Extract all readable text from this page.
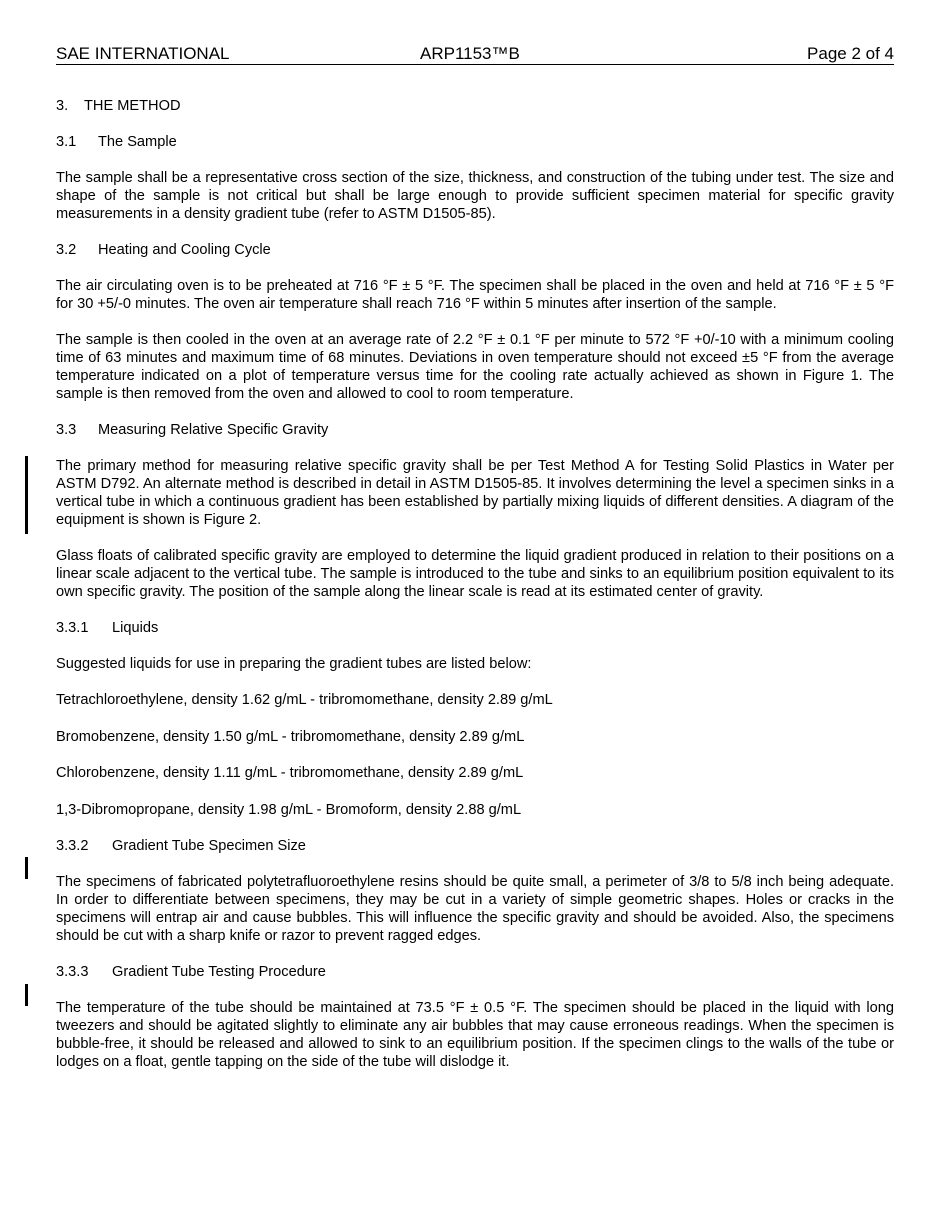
SAE INTERNATIONAL	ARP1153™B	Page 2 of 4
3. THE METHOD
3.1 The Sample

The sample shall be a representative cross section of the size, thickness, and construction of the tubing under test. The size and shape of the sample is not critical but shall be large enough to provide sufficient specimen material for specific gravity measurements in a density gradient tube (refer to ASTM D1505-85).

3.2 Heating and Cooling Cycle

The air circulating oven is to be preheated at 716 °F ± 5 °F. The specimen shall be placed in the oven and held at 716 °F ± 5 °F for 30 +5/-0 minutes. The oven air temperature shall reach 716 °F within 5 minutes after insertion of the sample.

The sample is then cooled in the oven at an average rate of 2.2 °F ± 0.1 °F per minute to 572 °F +0/-10 with a minimum cooling time of 63 minutes and maximum time of 68 minutes. Deviations in oven temperature should not exceed ±5 °F from the average temperature indicated on a plot of temperature versus time for the cooling rate actually achieved as shown in Figure 1. The sample is then removed from the oven and allowed to cool to room temperature.

3.3 Measuring Relative Specific Gravity

The primary method for measuring relative specific gravity shall be per Test Method A for Testing Solid Plastics in Water per ASTM D792. An alternate method is described in detail in ASTM D1505-85. It involves determining the level a specimen sinks in a vertical tube in which a continuous gradient has been established by partially mixing liquids of different densities. A diagram of the equipment is shown is Figure 2.

Glass floats of calibrated specific gravity are employed to determine the liquid gradient produced in relation to their positions on a linear scale adjacent to the vertical tube. The sample is introduced to the tube and sinks to an equilibrium position equivalent to its own specific gravity. The position of the sample along the linear scale is read at its estimated center of gravity.

3.3.1 Liquids

Suggested liquids for use in preparing the gradient tubes are listed below:

Tetrachloroethylene, density 1.62 g/mL - tribromomethane, density 2.89 g/mL
Bromobenzene, density 1.50 g/mL - tribromomethane, density 2.89 g/mL
Chlorobenzene, density 1.11 g/mL - tribromomethane, density 2.89 g/mL
1,3-Dibromopropane, density 1.98 g/mL - Bromoform, density 2.88 g/mL
3.3.2 Gradient Tube Specimen Size

The specimens of fabricated polytetrafluoroethylene resins should be quite small, a perimeter of 3/8 to 5/8 inch being adequate. In order to differentiate between specimens, they may be cut in a variety of simple geometric shapes. Holes or cracks in the specimens will entrap air and cause bubbles. This will influence the specific gravity and should be avoided. Also, the specimens should be cut with a sharp knife or razor to prevent ragged edges.

3.3.3 Gradient Tube Testing Procedure

The temperature of the tube should be maintained at 73.5 °F ± 0.5 °F. The specimen should be placed in the liquid with long tweezers and should be agitated slightly to eliminate any air bubbles that may cause erroneous readings. When the specimen is bubble-free, it should be released and allowed to sink to an equilibrium position. If the specimen clings to the walls of the tube or lodges on a float, gentle tapping on the side of the tube will dislodge it.
